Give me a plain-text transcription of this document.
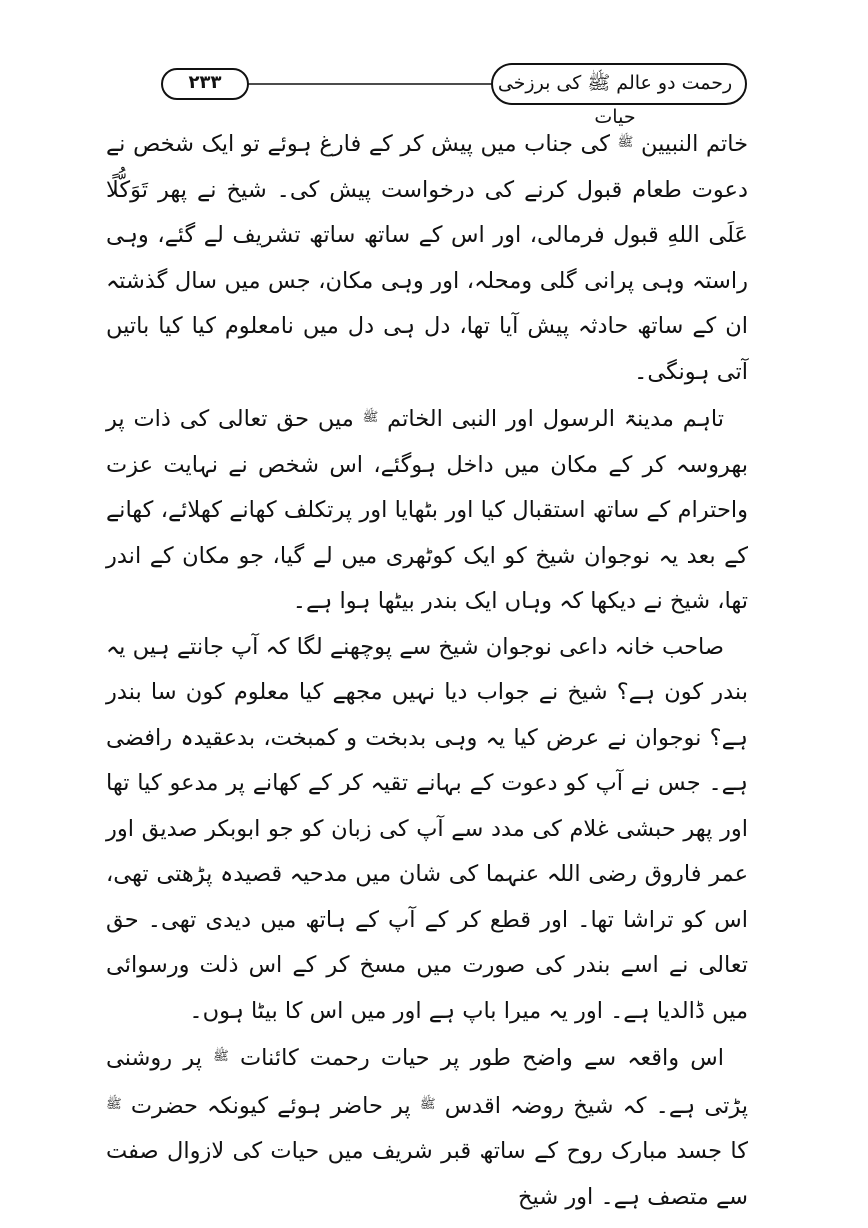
۲۳۳	رحمت دو عالم ﷺ کی برزخی حیات

خاتم النبیین $^ﷺ$ کی جناب میں پیش کر کے فارغ ہوئے تو ایک شخص نے دعوت طعام قبول کرنے کی درخواست پیش کی۔ شیخ نے پھر تَوَکُّلًا عَلَی اللهِ قبول فرمالی، اور اس کے ساتھ ساتھ تشریف لے گئے، وہی راستہ وہی پرانی گلی ومحلہ، اور وہی مکان، جس میں سال گذشتہ ان کے ساتھ حادثہ پیش آیا تھا، دل ہی دل میں نامعلوم کیا کیا باتیں آتی ہونگی۔

تاہم مدینۃ الرسول اور النبی الخاتم $^ﷺ$ میں حق تعالی کی ذات پر بھروسہ کر کے مکان میں داخل ہوگئے، اس شخص نے نہایت عزت واحترام کے ساتھ استقبال کیا اور بٹھایا اور پرتکلف کھانے کھلائے، کھانے کے بعد یہ نوجوان شیخ کو ایک کوٹھری میں لے گیا، جو مکان کے اندر تھا، شیخ نے دیکھا کہ وہاں ایک بندر بیٹھا ہوا ہے۔

صاحب خانہ داعی نوجوان شیخ سے پوچھنے لگا کہ آپ جانتے ہیں یہ بندر کون ہے؟ شیخ نے جواب دیا نہیں مجھے کیا معلوم کون سا بندر ہے؟ نوجوان نے عرض کیا یہ وہی بدبخت و کمبخت، بدعقیدہ رافضی ہے۔ جس نے آپ کو دعوت کے بہانے تقیہ کر کے کھانے پر مدعو کیا تھا اور پھر حبشی غلام کی مدد سے آپ کی زبان کو جو ابوبکر صدیق اور عمر فاروق رضی اللہ عنہما کی شان میں مدحیہ قصیدہ پڑھتی تھی، اس کو تراشا تھا۔ اور قطع کر کے آپ کے ہاتھ میں دیدی تھی۔ حق تعالی نے اسے بندر کی صورت میں مسخ کر کے اس ذلت ورسوائی میں ڈالدیا ہے۔ اور یہ میرا باپ ہے اور میں اس کا بیٹا ہوں۔

اس واقعہ سے واضح طور پر حیات رحمت کائنات $^ﷺ$ پر روشنی پڑتی ہے۔ کہ شیخ روضہ اقدس $^ﷺ$ پر حاضر ہوئے کیونکہ حضرت $^ﷺ$ کا جسد مبارک روح کے ساتھ قبر شریف میں حیات کی لازوال صفت سے متصف ہے۔ اور شیخ
